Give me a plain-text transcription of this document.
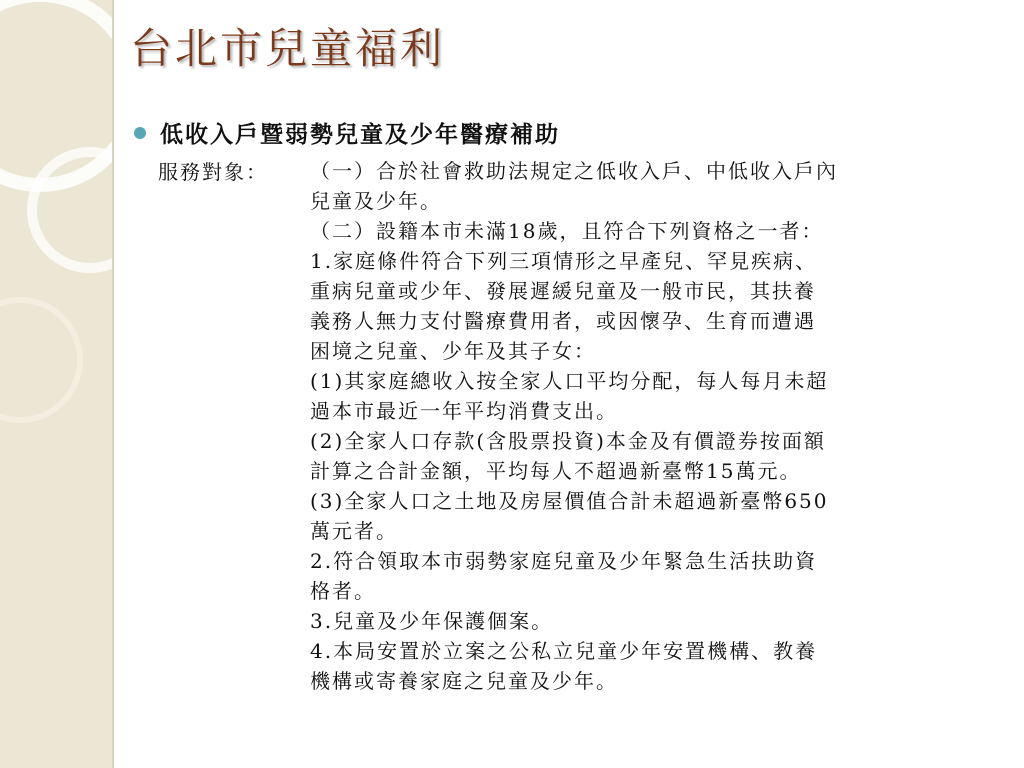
台北市兒童福利
低收入戶暨弱勢兒童及少年醫療補助
服務對象： （一）合於社會救助法規定之低收入戶、中低收入戶內
兒童及少年。
（二）設籍本市未滿18歲，且符合下列資格之一者：
1.家庭條件符合下列三項情形之早產兒、罕見疾病、
重病兒童或少年、發展遲緩兒童及一般市民，其扶養
義務人無力支付醫療費用者，或因懷孕、生育而遭遇
困境之兒童、少年及其子女：
(1)其家庭總收入按全家人口平均分配，每人每月未超
過本市最近一年平均消費支出。
(2)全家人口存款(含股票投資)本金及有價證券按面額
計算之合計金額，平均每人不超過新臺幣15萬元。
(3)全家人口之土地及房屋價值合計未超過新臺幣650
萬元者。
2.符合領取本市弱勢家庭兒童及少年緊急生活扶助資
格者。
3.兒童及少年保護個案。
4.本局安置於立案之公私立兒童少年安置機構、教養
機構或寄養家庭之兒童及少年。
